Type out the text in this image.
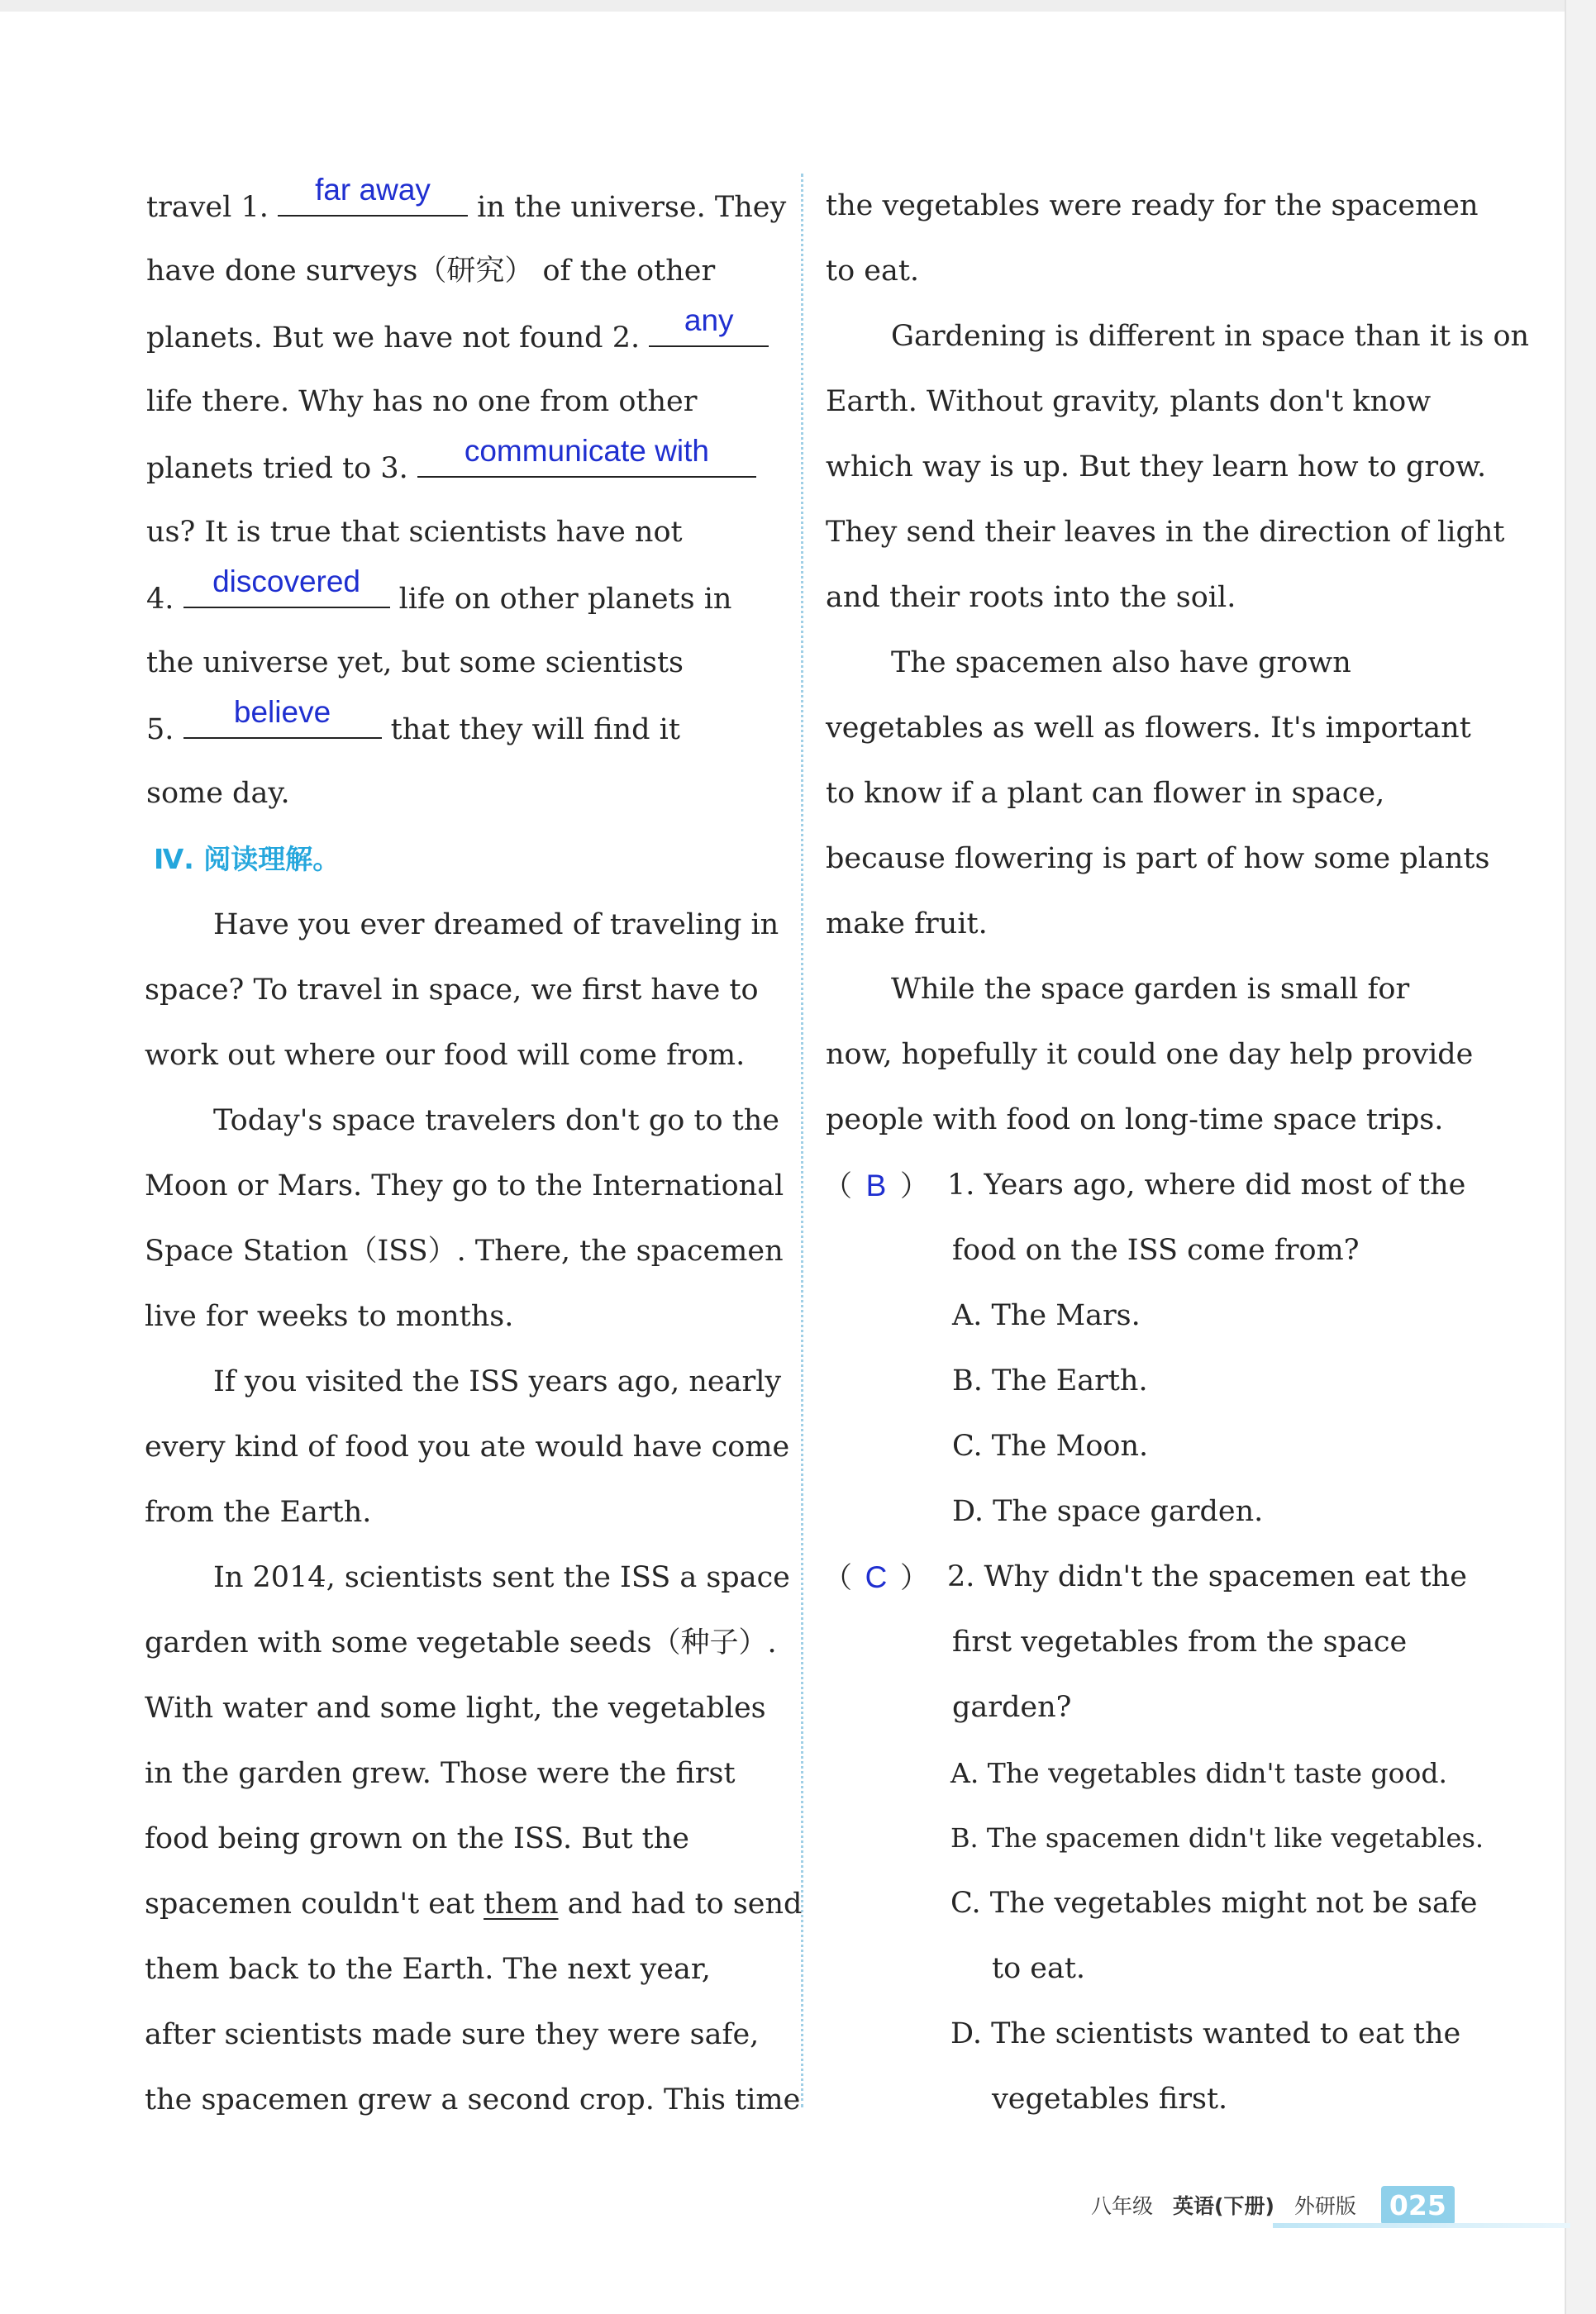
travel 1.
far away
in the universe. They
have done surveys（研究） of the other
planets. But we have not found 2.
any
life there. Why has no one from other
planets tried to 3.
communicate with
us? It is true that scientists have not
4.
discovered
life on other planets in
the universe yet, but some scientists
5.
believe
that they will find it
some day.
Ⅳ. 阅读理解。
Have you ever dreamed of traveling in
space? To travel in space, we first have to
work out where our food will come from.
Today's space travelers don't go to the
Moon or Mars. They go to the International
Space Station（ISS）. There, the spacemen
live for weeks to months.
If you visited the ISS years ago, nearly
every kind of food you ate would have come
from the Earth.
In 2014, scientists sent the ISS a space
garden with some vegetable seeds（种子）.
With water and some light, the vegetables
in the garden grew. Those were the first
food being grown on the ISS. But the
spacemen couldn't eat them and had to send
them back to the Earth. The next year,
after scientists made sure they were safe,
the spacemen grew a second crop. This time
the vegetables were ready for the spacemen
to eat.
Gardening is different in space than it is on
Earth. Without gravity, plants don't know
which way is up. But they learn how to grow.
They send their leaves in the direction of light
and their roots into the soil.
The spacemen also have grown
vegetables as well as flowers. It's important
to know if a plant can flower in space,
because flowering is part of how some plants
make fruit.
While the space garden is small for
now, hopefully it could one day help provide
people with food on long-time space trips.
（ B ） 1. Years ago, where did most of the
food on the ISS come from?
A. The Mars.
B. The Earth.
C. The Moon.
D. The space garden.
（ C ） 2. Why didn't the spacemen eat the
first vegetables from the space
garden?
A. The vegetables didn't taste good.
B. The spacemen didn't like vegetables.
C. The vegetables might not be safe
to eat.
D. The scientists wanted to eat the
vegetables first.
八年级 英语(下册) 外研版	025
